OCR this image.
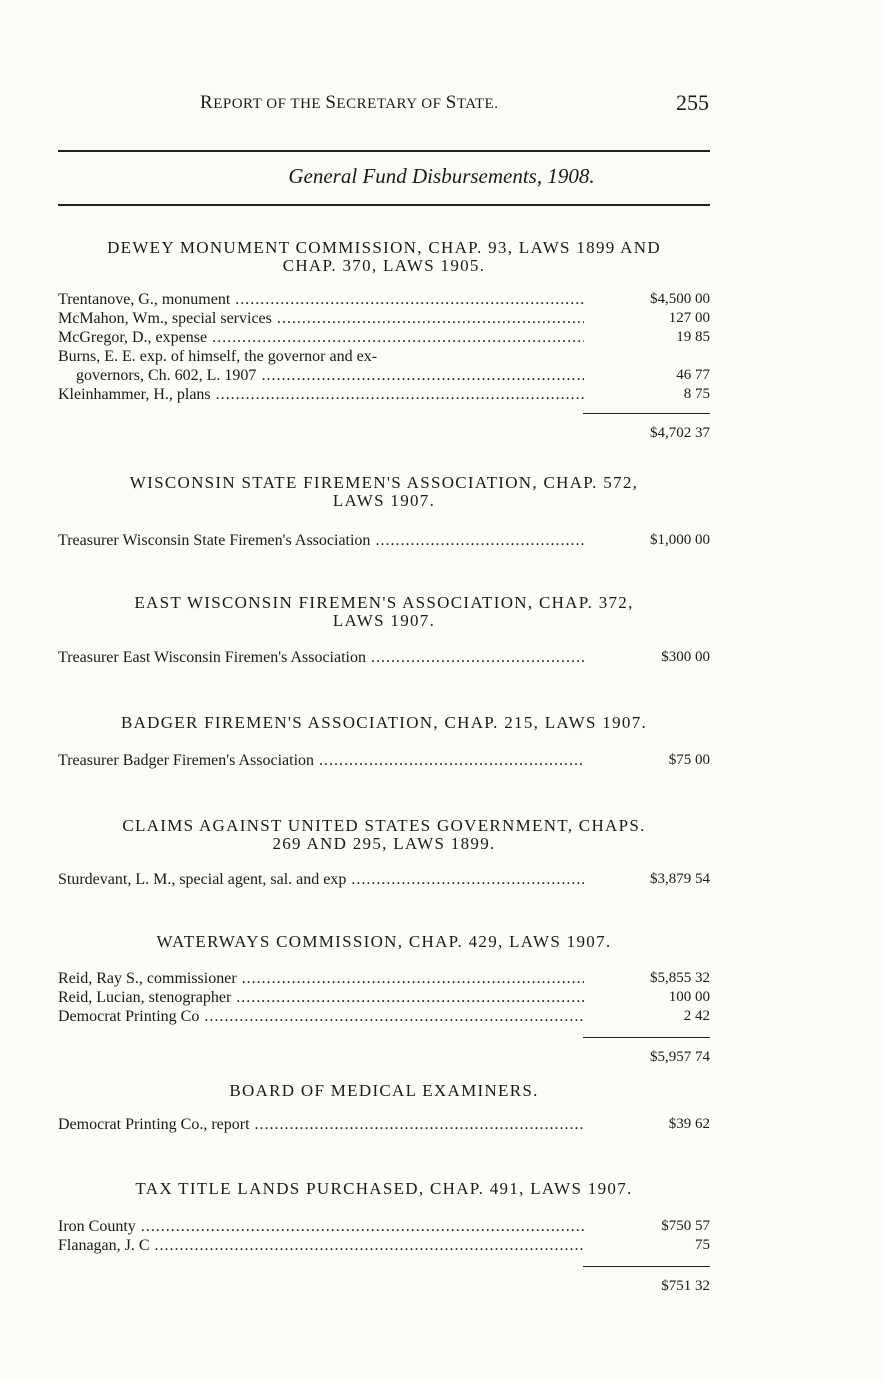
REPORT OF THE SECRETARY OF STATE.	255
General Fund Disbursements, 1908.
DEWEY MONUMENT COMMISSION, CHAP. 93, LAWS 1899 AND
CHAP. 370, LAWS 1905.
Trentanove, G., monument .....	$4,500 00
McMahon, Wm., special services .....	127 00
McGregor, D., expense .....	19 85
Burns, E. E. exp. of himself, the governor and ex-
governors, Ch. 602, L. 1907 .....	46 77
Kleinhammer, H., plans .....	8 75
$4,702 37
WISCONSIN STATE FIREMEN'S ASSOCIATION, CHAP. 572,
LAWS 1907.
Treasurer Wisconsin State Firemen's Association .....	$1,000 00
EAST WISCONSIN FIREMEN'S ASSOCIATION, CHAP. 372,
LAWS 1907.
Treasurer East Wisconsin Firemen's Association .....	$300 00
BADGER FIREMEN'S ASSOCIATION, CHAP. 215, LAWS 1907.
Treasurer Badger Firemen's Association .....	$75 00
CLAIMS AGAINST UNITED STATES GOVERNMENT, CHAPS.
269 AND 295, LAWS 1899.
Sturdevant, L. M., special agent, sal. and exp .....	$3,879 54
WATERWAYS COMMISSION, CHAP. 429, LAWS 1907.
Reid, Ray S., commissioner .....	$5,855 32
Reid, Lucian, stenographer .....	100 00
Democrat Printing Co .....	2 42
$5,957 74
BOARD OF MEDICAL EXAMINERS.
Democrat Printing Co., report .....	$39 62
TAX TITLE LANDS PURCHASED, CHAP. 491, LAWS 1907.
Iron County .....	$750 57
Flanagan, J. C .....	75
$751 32
